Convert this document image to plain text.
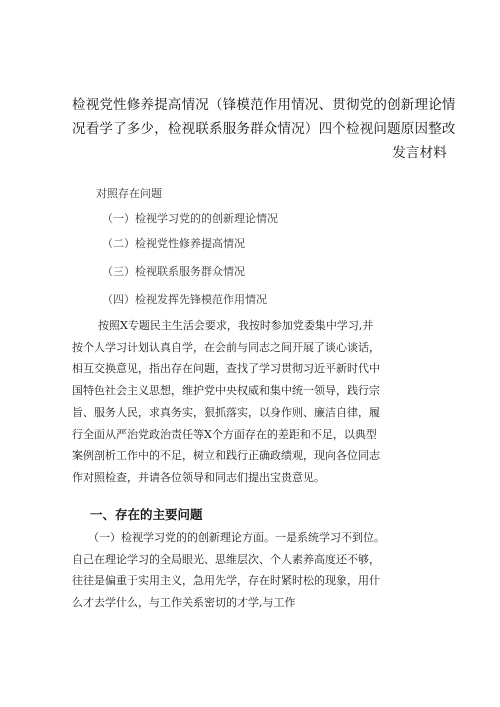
检视党性修养提高情况（锋模范作用情况、贯彻党的创新理论情
况看学了多少，检视联系服务群众情况）四个检视问题原因整改
发言材料
对照存在问题
（一）检视学习党的的创新理论情况
（二）检视党性修养提高情况
（三）检视联系服务群众情况
（四）检视发挥先锋模范作用情况
按照X专题民主生活会要求，我按时参加党委集中学习,并
按个人学习计划认真自学，在会前与同志之间开展了谈心谈话，
相互交换意见，指出存在问题，查找了学习贯彻习近平新时代中
国特色社会主义思想，维护党中央权威和集中统一领导，践行宗
旨、服务人民，求真务实，狠抓落实，以身作则、廉洁自律，履
行全面从严治党政治责任等X个方面存在的差距和不足，以典型
案例剖析工作中的不足，树立和践行正确政绩观，现向各位同志
作对照检查，并请各位领导和同志们提出宝贵意见。
一、存在的主要问题
（一）检视学习党的的创新理论方面。一是系统学习不到位。
自己在理论学习的全局眼光、思维层次、个人素养高度还不够，
往往是偏重于实用主义，急用先学，存在时紧时松的现象，用什
么才去学什么，与工作关系密切的才学,与工作
